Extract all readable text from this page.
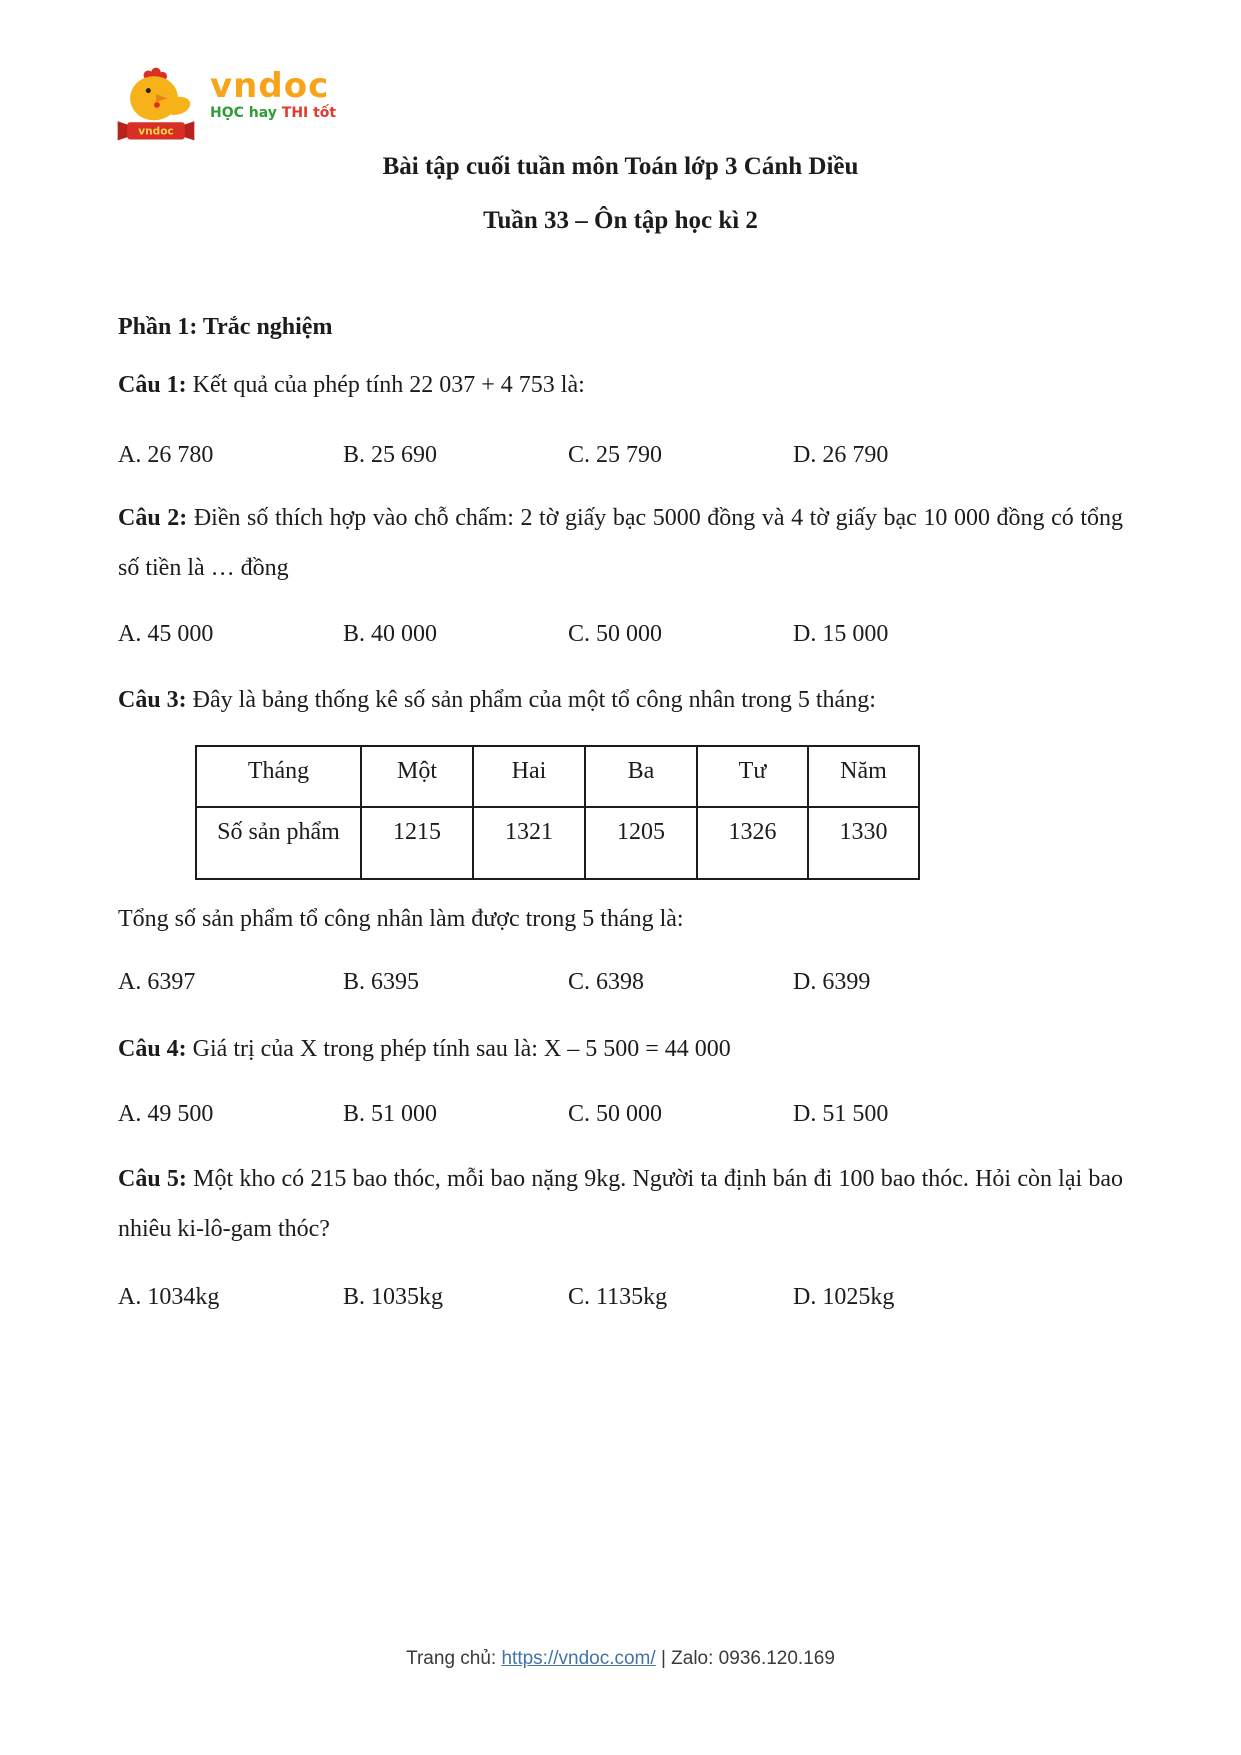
vndoc
vndoc
HỌC hay THI tốt
Bài tập cuối tuần môn Toán lớp 3 Cánh Diều
Tuần 33 – Ôn tập học kì 2
Phần 1: Trắc nghiệm

Câu 1: Kết quả của phép tính 22 037 + 4 753 là:

A. 26 780	B. 25 690	C. 25 790	D. 26 790

Câu 2: Điền số thích hợp vào chỗ chấm: 2 tờ giấy bạc 5000 đồng và 4 tờ giấy bạc 10 000 đồng có tổng số tiền là … đồng

A. 45 000	B. 40 000	C. 50 000	D. 15 000

Câu 3: Đây là bảng thống kê số sản phẩm của một tổ công nhân trong 5 tháng:

Tháng	Một	Hai	Ba	Tư	Năm
Số sản phẩm	1215	1321	1205	1326	1330

Tổng số sản phẩm tổ công nhân làm được trong 5 tháng là:

A. 6397	B. 6395	C. 6398	D. 6399

Câu 4: Giá trị của X trong phép tính sau là: X – 5 500 = 44 000

A. 49 500	B. 51 000	C. 50 000	D. 51 500

Câu 5: Một kho có 215 bao thóc, mỗi bao nặng 9kg. Người ta định bán đi 100 bao thóc. Hỏi còn lại bao nhiêu ki-lô-gam thóc?

A. 1034kg	B. 1035kg	C. 1135kg	D. 1025kg
Trang chủ: https://vndoc.com/ | Zalo: 0936.120.169
